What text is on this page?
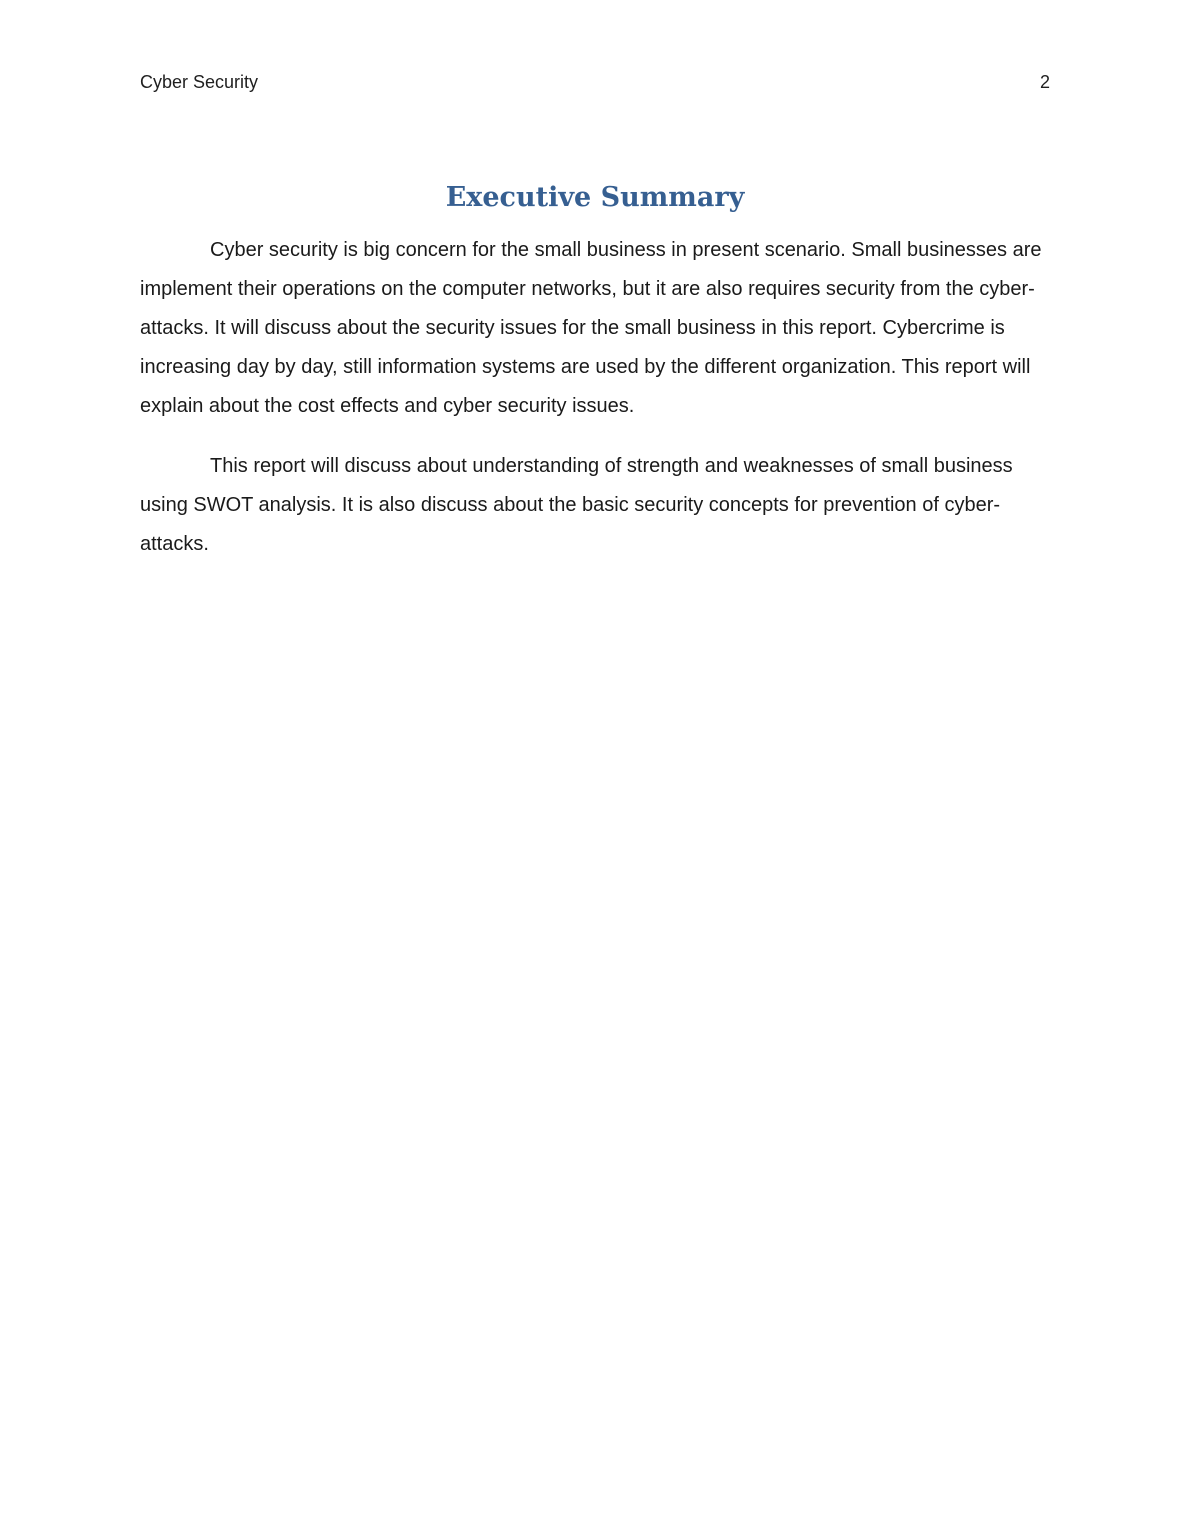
Cyber Security	2
Executive Summary

Cyber security is big concern for the small business in present scenario. Small businesses are implement their operations on the computer networks, but it are also requires security from the cyber-attacks. It will discuss about the security issues for the small business in this report. Cybercrime is increasing day by day, still information systems are used by the different organization. This report will explain about the cost effects and cyber security issues.

This report will discuss about understanding of strength and weaknesses of small business using SWOT analysis. It is also discuss about the basic security concepts for prevention of cyber-attacks.
